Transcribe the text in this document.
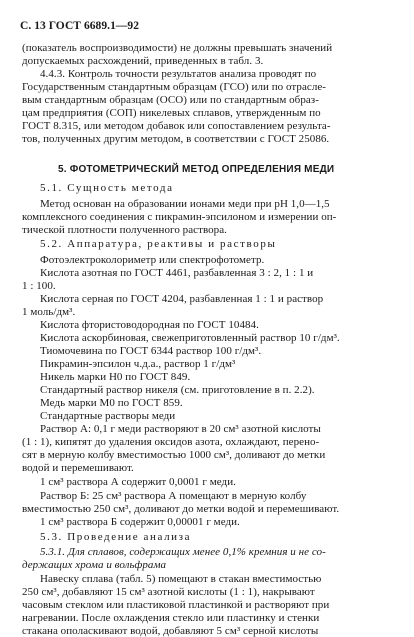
С. 13 ГОСТ 6689.1—92
(показатель воспроизводимости) не должны превышать значений
допускаемых расхождений, приведенных в табл. 3.
4.4.3. Контроль точности результатов анализа проводят по
Государственным стандартным образцам (ГСО) или по отрасле-
вым стандартным образцам (ОСО) или по стандартным образ-
цам предприятия (СОП) никелевых сплавов, утвержденным по
ГОСТ 8.315, или методом добавок или сопоставлением результа-
тов, полученных другим методом, в соответствии с ГОСТ 25086.
5. ФОТОМЕТРИЧЕСКИЙ МЕТОД ОПРЕДЕЛЕНИЯ МЕДИ
5.1. Сущность метода
Метод основан на образовании ионами меди при pH 1,0—1,5
комплексного соединения с пикрамин-эпсилоном и измерении оп-
тической плотности полученного раствора.
5.2. Аппаратура, реактивы и растворы
Фотоэлектроколориметр или спектрофотометр.
Кислота азотная по ГОСТ 4461, разбавленная 3 : 2, 1 : 1 и
1 : 100.
Кислота серная по ГОСТ 4204, разбавленная 1 : 1 и раствор
1 моль/дм³.
Кислота фтористоводородная по ГОСТ 10484.
Кислота аскорбиновая, свежеприготовленный раствор 10 г/дм³.
Тиомочевина по ГОСТ 6344 раствор 100 г/дм³.
Пикрамин-эпсилон ч.д.а., раствор 1 г/дм³
Никель марки Н0 по ГОСТ 849.
Стандартный раствор никеля (см. приготовление в п. 2.2).
Медь марки М0 по ГОСТ 859.
Стандартные растворы меди
Раствор А: 0,1 г меди растворяют в 20 см³ азотной кислоты
(1 : 1), кипятят до удаления оксидов азота, охлаждают, перено-
сят в мерную колбу вместимостью 1000 см³, доливают до метки
водой и перемешивают.
1 см³ раствора А содержит 0,0001 г меди.
Раствор Б: 25 см³ раствора А помещают в мерную колбу
вместимостью 250 см³, доливают до метки водой и перемешивают.
1 см³ раствора Б содержит 0,00001 г меди.
5.3. Проведение анализа
5.3.1. Для сплавов, содержащих менее 0,1% кремния и не со-
держащих хрома и вольфрама
Навеску сплава (табл. 5) помещают в стакан вместимостью
250 см³, добавляют 15 см³ азотной кислоты (1 : 1), накрывают
часовым стеклом или пластиковой пластинкой и растворяют при
нагревании. После охлаждения стекло или пластинку и стенки
стакана ополаскивают водой, добавляют 5 см³ серной кислоты
